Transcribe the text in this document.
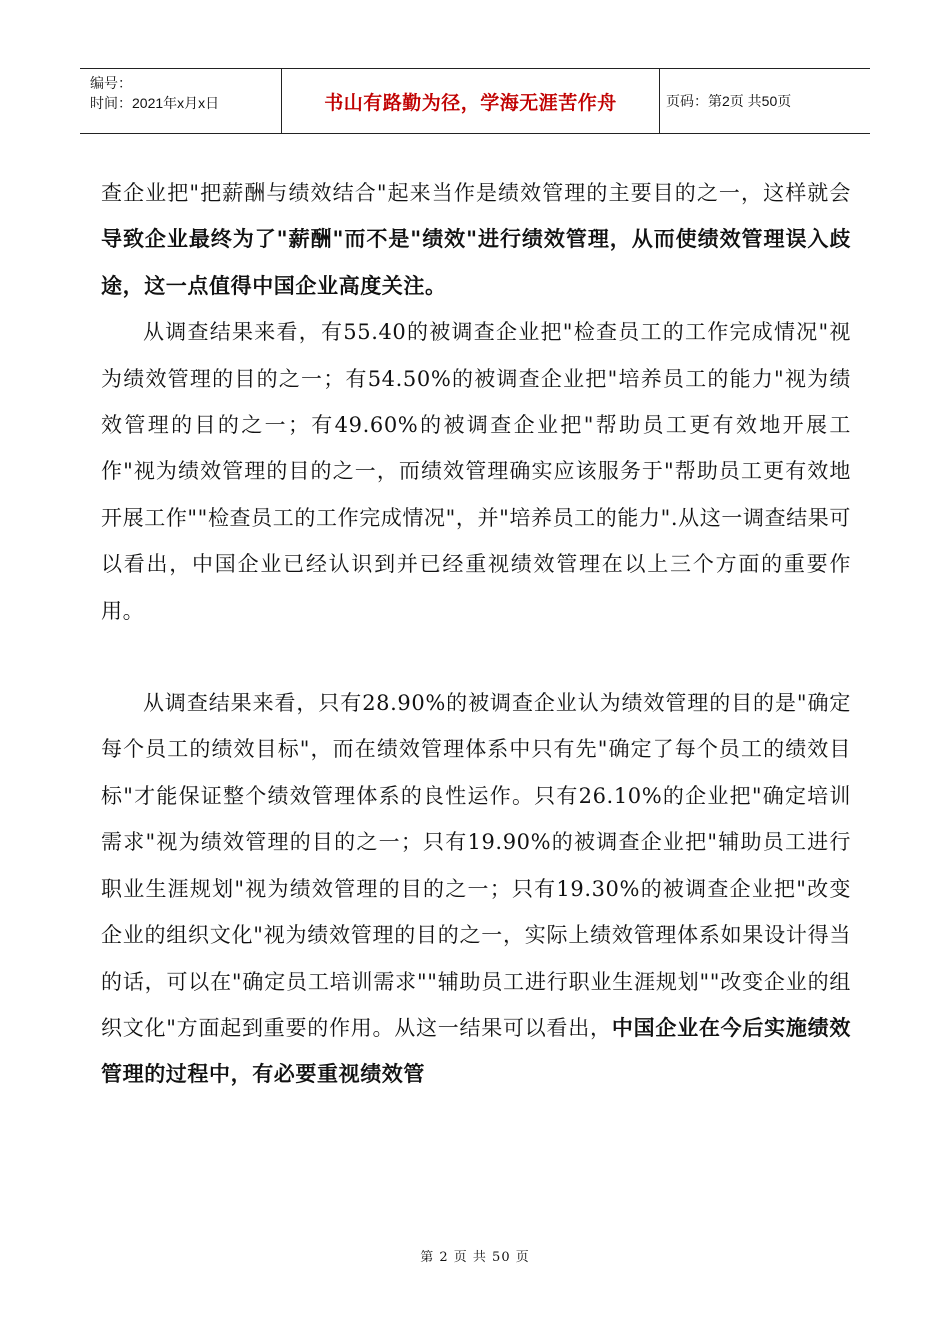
编号：
时间：2021年x月x日	书山有路勤为径，学海无涯苦作舟	页码：第2页 共50页

查企业把"把薪酬与绩效结合"起来当作是绩效管理的主要目的之一，这样就会导致企业最终为了"薪酬"而不是"绩效"进行绩效管理，从而使绩效管理误入歧途，这一点值得中国企业高度关注。

从调查结果来看，有55.40的被调查企业把"检查员工的工作完成情况"视为绩效管理的目的之一；有54.50%的被调查企业把"培养员工的能力"视为绩效管理的目的之一；有49.60%的被调查企业把"帮助员工更有效地开展工作"视为绩效管理的目的之一，而绩效管理确实应该服务于"帮助员工更有效地开展工作""检查员工的工作完成情况"，并"培养员工的能力".从这一调查结果可以看出，中国企业已经认识到并已经重视绩效管理在以上三个方面的重要作用。

从调查结果来看，只有28.90%的被调查企业认为绩效管理的目的是"确定每个员工的绩效目标"，而在绩效管理体系中只有先"确定了每个员工的绩效目标"才能保证整个绩效管理体系的良性运作。只有26.10%的企业把"确定培训需求"视为绩效管理的目的之一；只有19.90%的被调查企业把"辅助员工进行职业生涯规划"视为绩效管理的目的之一；只有19.30%的被调查企业把"改变企业的组织文化"视为绩效管理的目的之一，实际上绩效管理体系如果设计得当的话，可以在"确定员工培训需求""辅助员工进行职业生涯规划""改变企业的组织文化"方面起到重要的作用。从这一结果可以看出，中国企业在今后实施绩效管理的过程中，有必要重视绩效管

第 2 页 共 50 页
